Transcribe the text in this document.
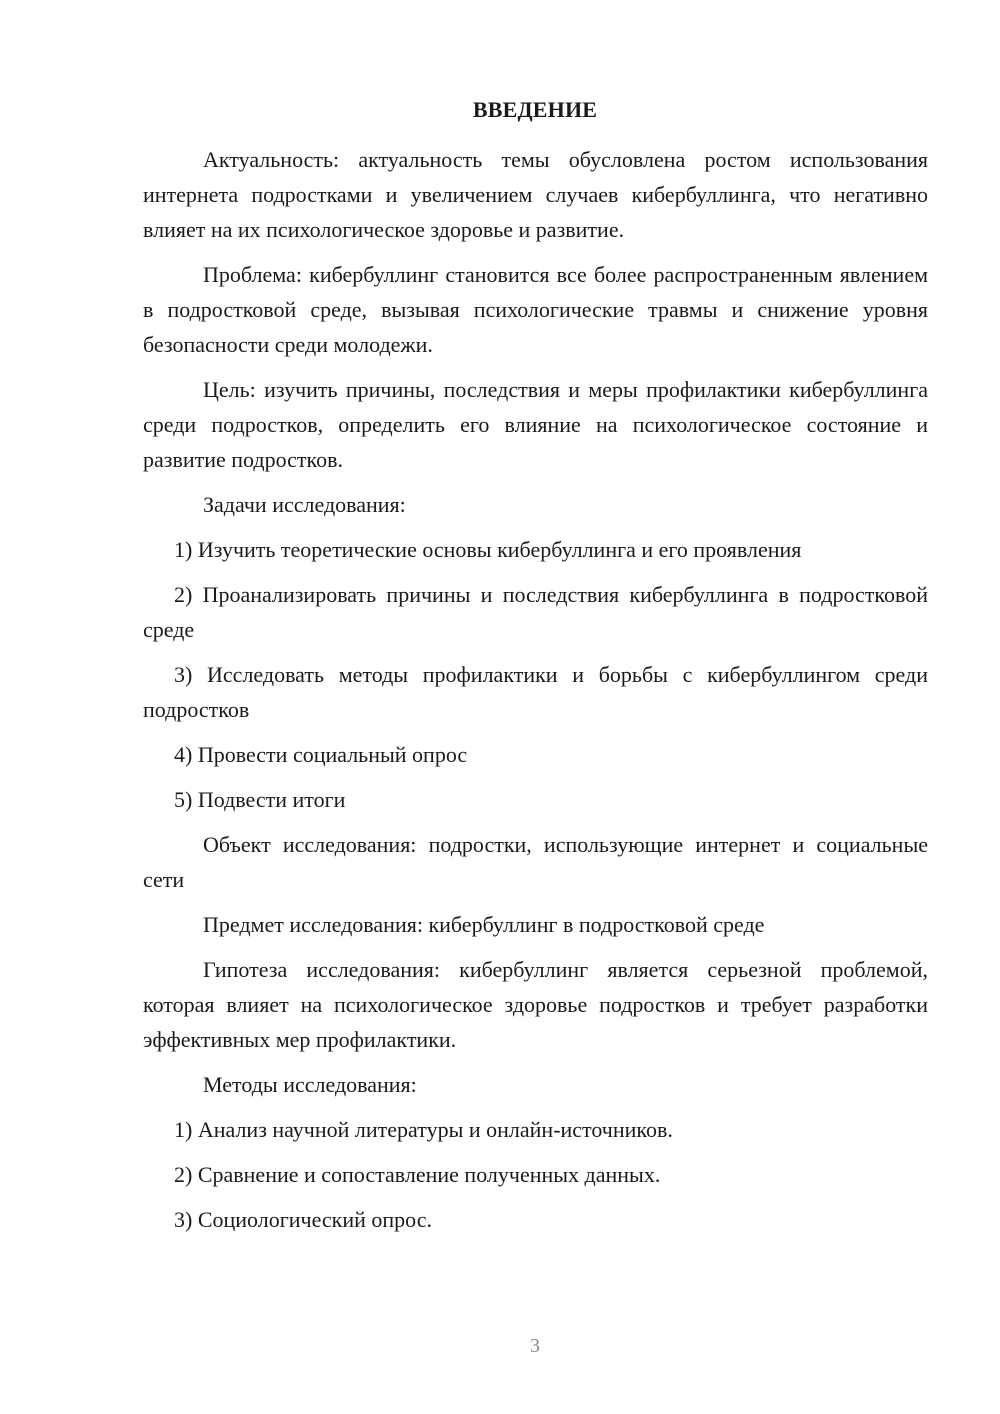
ВВЕДЕНИЕ

Актуальность: актуальность темы обусловлена ростом использования интернета подростками и увеличением случаев кибербуллинга, что негативно влияет на их психологическое здоровье и развитие.

Проблема: кибербуллинг становится все более распространенным явлением в подростковой среде, вызывая психологические травмы и снижение уровня безопасности среди молодежи.

Цель: изучить причины, последствия и меры профилактики кибербуллинга среди подростков, определить его влияние на психологическое состояние и развитие подростков.

Задачи исследования:

1) Изучить теоретические основы кибербуллинга и его проявления

2) Проанализировать причины и последствия кибербуллинга в подростковой среде

3) Исследовать методы профилактики и борьбы с кибербуллингом среди подростков

4) Провести социальный опрос

5) Подвести итоги

Объект исследования: подростки, использующие интернет и социальные сети

Предмет исследования: кибербуллинг в подростковой среде

Гипотеза исследования: кибербуллинг является серьезной проблемой, которая влияет на психологическое здоровье подростков и требует разработки эффективных мер профилактики.

Методы исследования:

1) Анализ научной литературы и онлайн-источников.

2) Сравнение и сопоставление полученных данных.

3) Социологический опрос.

3
